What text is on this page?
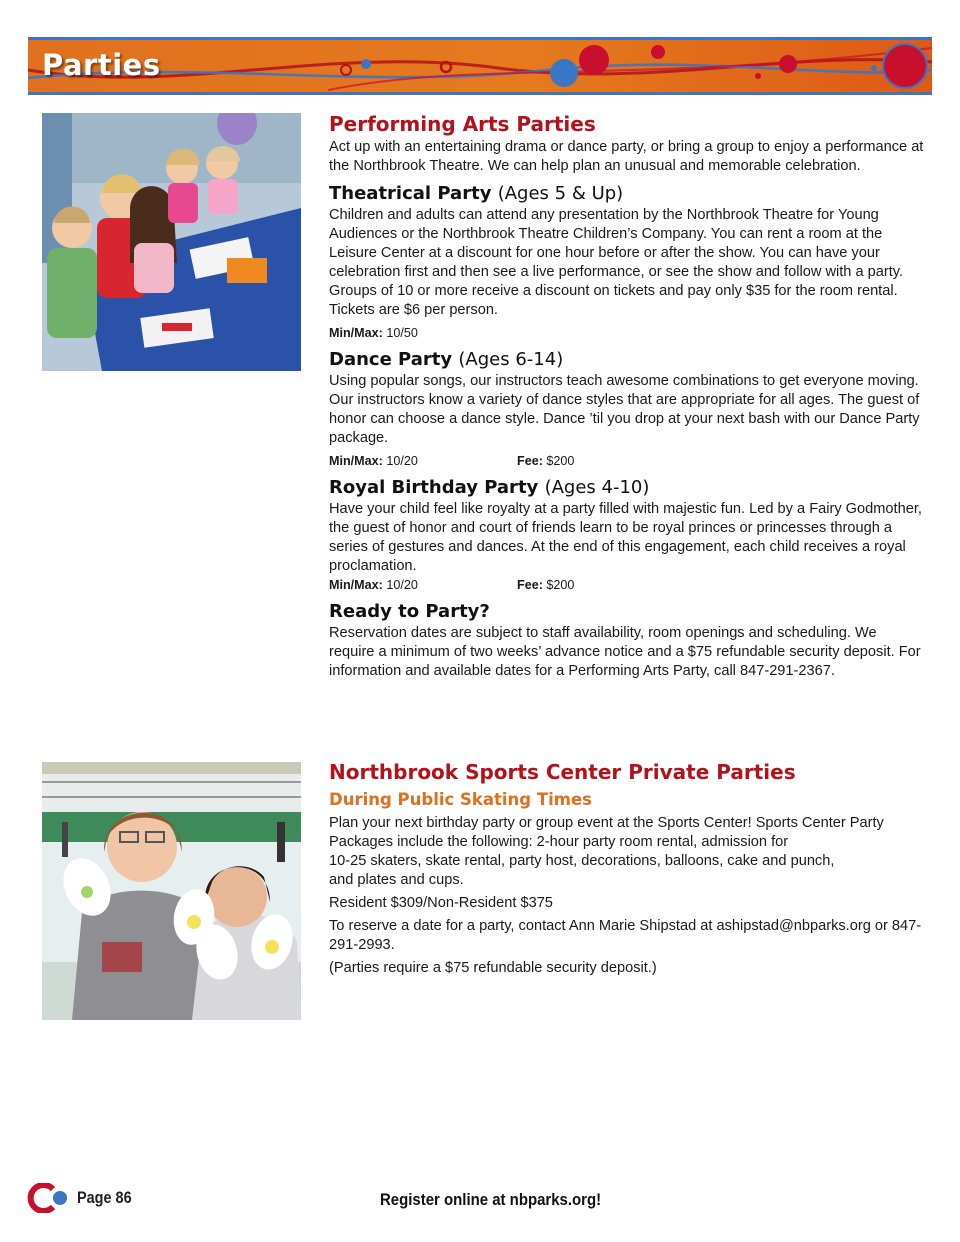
Parties
Performing Arts Parties

Act up with an entertaining drama or dance party, or bring a group to enjoy a performance at the Northbrook Theatre. We can help plan an unusual and memorable celebration.

Theatrical Party (Ages 5 & Up)

Children and adults can attend any presentation by the Northbrook Theatre for Young Audiences or the Northbrook Theatre Children’s Company. You can rent a room at the Leisure Center at a discount for one hour before or after the show. You can have your celebration first and then see a live performance, or see the show and follow with a party. Groups of 10 or more receive a discount on tickets and pay only $35 for the room rental. Tickets are $6 per person.

Min/Max: 10/50
Dance Party (Ages 6-14)

Using popular songs, our instructors teach awesome combinations to get everyone moving. Our instructors know a variety of dance styles that are appropriate for all ages. The guest of honor can choose a dance style. Dance ’til you drop at your next bash with our Dance Party package.

Min/Max: 10/20	Fee: $200
Royal Birthday Party (Ages 4-10)

Have your child feel like royalty at a party filled with majestic fun. Led by a Fairy Godmother, the guest of honor and court of friends learn to be royal princes or princesses through a series of gestures and dances. At the end of this engagement, each child receives a royal proclamation.

Min/Max: 10/20	Fee: $200
Ready to Party?

Reservation dates are subject to staff availability, room openings and scheduling. We require a minimum of two weeks’ advance notice and a $75 refundable security deposit. For information and available dates for a Performing Arts Party, call 847-291-2367.

Northbrook Sports Center Private Parties
During Public Skating Times

Plan your next birthday party or group event at the Sports Center! Sports Center Party

Packages include the following: 2-hour party room rental, admission for

10-25 skaters, skate rental, party host, decorations, balloons, cake and punch,

and plates and cups.

Resident $309/Non-Resident $375

To reserve a date for a party, contact Ann Marie Shipstad at ashipstad@nbparks.org or 847-291-2993.

(Parties require a $75 refundable security deposit.)

Page 86	Register online at nbparks.org!
